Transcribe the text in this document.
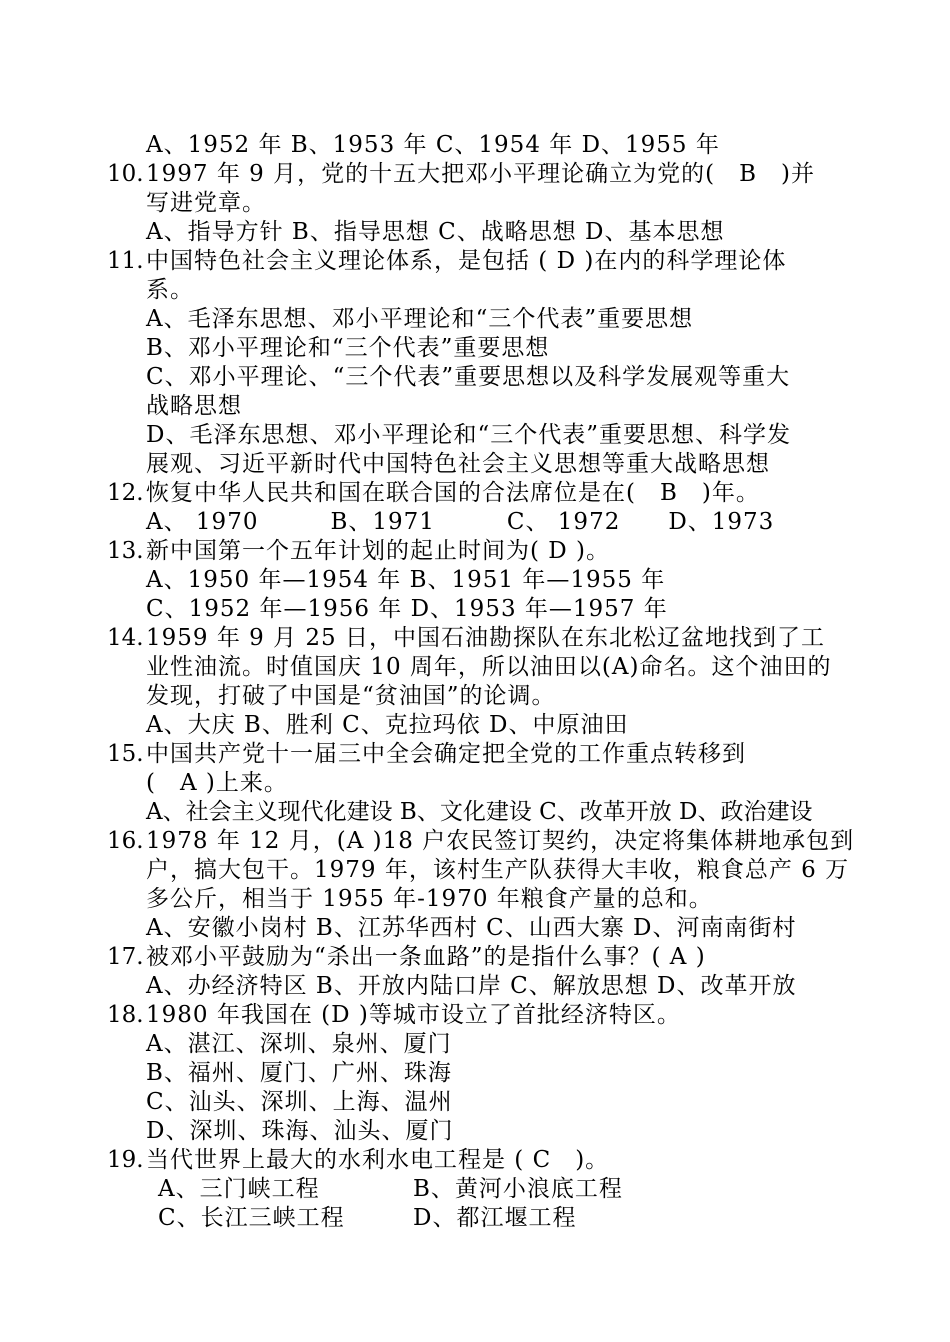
A、1952 年 B、1953 年 C、1954 年 D、1955 年
10. 1997 年 9 月，党的十五大把邓小平理论确立为党的(　B　)并
写进党章。
A、指导方针 B、指导思想 C、战略思想 D、基本思想
11. 中国特色社会主义理论体系，是包括 ( D )在内的科学理论体
系。
A、毛泽东思想、邓小平理论和“三个代表”重要思想
B、邓小平理论和“三个代表”重要思想
C、邓小平理论、“三个代表”重要思想以及科学发展观等重大
战略思想
D、毛泽东思想、邓小平理论和“三个代表”重要思想、科学发
展观、习近平新时代中国特色社会主义思想等重大战略思想
12. 恢复中华人民共和国在联合国的合法席位是在(　B　)年。
A、 1970　　　B、1971　　　C、 1972　　D、1973
13. 新中国第一个五年计划的起止时间为( D )。
A、1950 年—1954 年 B、1951 年—1955 年
C、1952 年—1956 年 D、1953 年—1957 年
14. 1959 年 9 月 25 日，中国石油勘探队在东北松辽盆地找到了工
业性油流。时值国庆 10 周年，所以油田以(A)命名。这个油田的
发现，打破了中国是“贫油国”的论调。
A、大庆 B、胜利 C、克拉玛依 D、中原油田
15. 中国共产党十一届三中全会确定把全党的工作重点转移到
(　A )上来。
A、社会主义现代化建设 B、文化建设 C、改革开放 D、政治建设
16. 1978 年 12 月，(A )18 户农民签订契约，决定将集体耕地承包到
户，搞大包干。1979 年，该村生产队获得大丰收，粮食总产 6 万
多公斤，相当于 1955 年-1970 年粮食产量的总和。
A、安徽小岗村 B、江苏华西村 C、山西大寨 D、河南南街村
17. 被邓小平鼓励为“杀出一条血路”的是指什么事？( A )
A、办经济特区 B、开放内陆口岸 C、解放思想 D、改革开放
18. 1980 年我国在 (D )等城市设立了首批经济特区。
A、湛江、深圳、泉州、厦门
B、福州、厦门、广州、珠海
C、汕头、深圳、上海、温州
D、深圳、珠海、汕头、厦门
19. 当代世界上最大的水利水电工程是 ( C　)。
A、三门峡工程	B、黄河小浪底工程
C、长江三峡工程	D、都江堰工程
